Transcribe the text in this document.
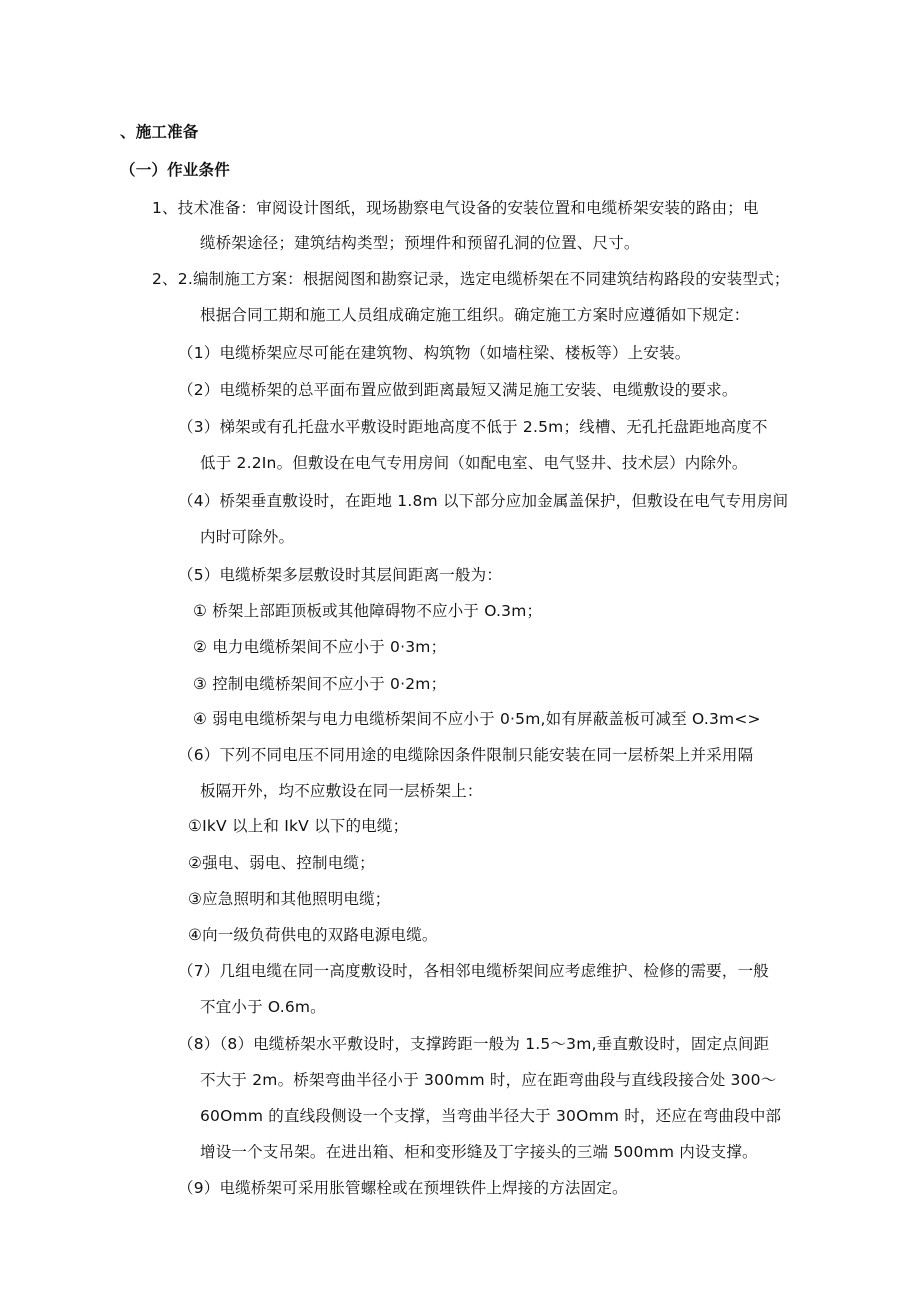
、施工准备
（一）作业条件
1、技术准备：审阅设计图纸，现场勘察电气设备的安装位置和电缆桥架安装的路由；电
缆桥架途径；建筑结构类型；预埋件和预留孔洞的位置、尺寸。
2、2.编制施工方案：根据阅图和勘察记录，选定电缆桥架在不同建筑结构路段的安装型式；
根据合同工期和施工人员组成确定施工组织。确定施工方案时应遵循如下规定：
（1）电缆桥架应尽可能在建筑物、构筑物（如墙柱梁、楼板等）上安装。
（2）电缆桥架的总平面布置应做到距离最短又满足施工安装、电缆敷设的要求。
（3）梯架或有孔托盘水平敷设时距地高度不低于 2.5m；线槽、无孔托盘距地高度不
低于 2.2In。但敷设在电气专用房间（如配电室、电气竖井、技术层）内除外。
（4）桥架垂直敷设时，在距地 1.8m 以下部分应加金属盖保护，但敷设在电气专用房间
内时可除外。
（5）电缆桥架多层敷设时其层间距离一般为：
① 桥架上部距顶板或其他障碍物不应小于 O.3m；
② 电力电缆桥架间不应小于 0·3m；
③ 控制电缆桥架间不应小于 0·2m；
④ 弱电电缆桥架与电力电缆桥架间不应小于 0·5m,如有屏蔽盖板可减至 O.3m<>
（6）下列不同电压不同用途的电缆除因条件限制只能安装在同一层桥架上并采用隔
板隔开外，均不应敷设在同一层桥架上：
①IkV 以上和 IkV 以下的电缆；
②强电、弱电、控制电缆；
③应急照明和其他照明电缆；
④向一级负荷供电的双路电源电缆。
（7）几组电缆在同一高度敷设时，各相邻电缆桥架间应考虑维护、检修的需要，一般
不宜小于 O.6m。
（8）（8）电缆桥架水平敷设时，支撑跨距一般为 1.5～3m,垂直敷设时，固定点间距
不大于 2m。桥架弯曲半径小于 300mm 时，应在距弯曲段与直线段接合处 300～
60Omm 的直线段侧设一个支撑，当弯曲半径大于 30Omm 时，还应在弯曲段中部
增设一个支吊架。在进出箱、柜和变形缝及丁字接头的三端 500mm 内设支撑。
（9）电缆桥架可采用胀管螺栓或在预埋铁件上焊接的方法固定。
